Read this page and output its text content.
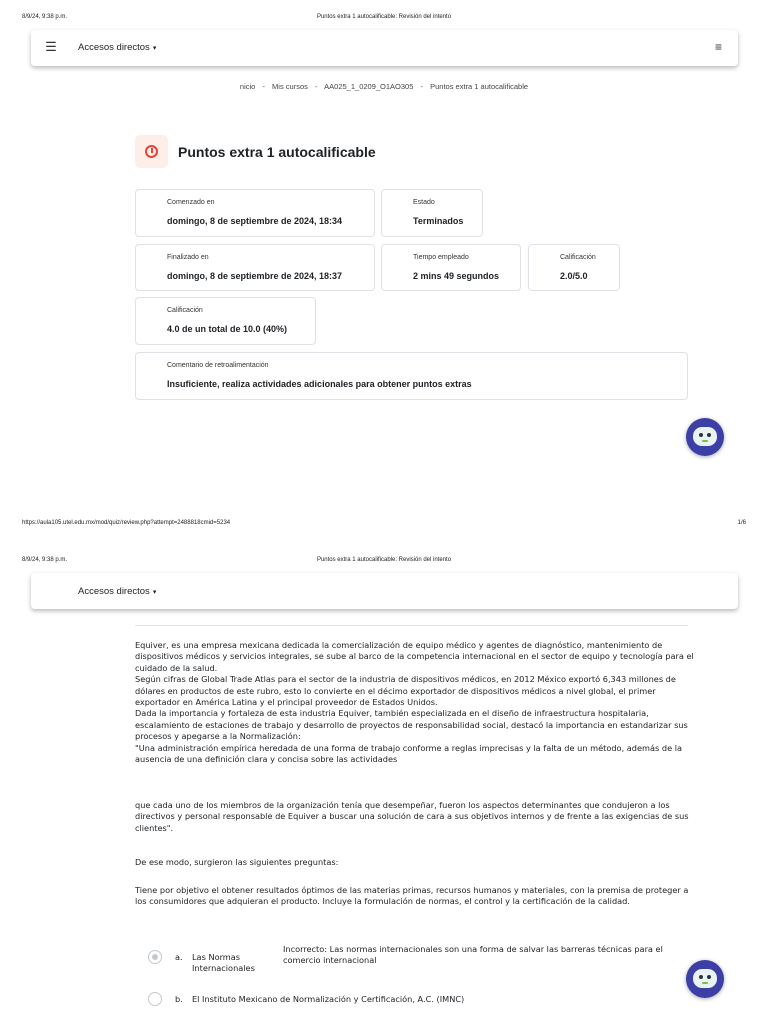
8/9/24, 9:38 p.m.	Puntos extra 1 autocalificable: Revisión del intento
☰ Accesos directos ▾	≡
nicio - Mis cursos - AA025_1_0209_O1AO305 - Puntos extra 1 autocalificable
Puntos extra 1 autocalificable
Comenzado en
domingo, 8 de septiembre de 2024, 18:34
Estado
Terminados
Finalizado en
domingo, 8 de septiembre de 2024, 18:37
Tiempo empleado
2 mins 49 segundos
Calificación
2.0/5.0
Calificación
4.0 de un total de 10.0 (40%)
Comentario de retroalimentación
Insuficiente, realiza actividades adicionales para obtener puntos extras
https://aula105.utel.edu.mx/mod/quiz/review.php?attempt=2488818cmid=5234	1/6
8/9/24, 9:38 p.m.	Puntos extra 1 autocalificable: Revisión del intento
Accesos directos ▾

Equiver, es una empresa mexicana dedicada la comercialización de equipo médico y agentes de diagnóstico, mantenimiento de dispositivos médicos y servicios integrales, se sube al barco de la competencia internacional en el sector de equipo y tecnología para el cuidado de la salud.

Según cifras de Global Trade Atlas para el sector de la industria de dispositivos médicos, en 2012 México exportó 6,343 millones de dólares en productos de este rubro, esto lo convierte en el décimo exportador de dispositivos médicos a nivel global, el primer exportador en América Latina y el principal proveedor de Estados Unidos.

Dada la importancia y fortaleza de esta industria Equiver, también especializada en el diseño de infraestructura hospitalaria, escalamiento de estaciones de trabajo y desarrollo de proyectos de responsabilidad social, destacó la importancia en estandarizar sus procesos y apegarse a la Normalización:

"Una administración empírica heredada de una forma de trabajo conforme a reglas imprecisas y la falta de un método, además de la ausencia de una definición clara y concisa sobre las actividades

que cada uno de los miembros de la organización tenía que desempeñar, fueron los aspectos determinantes que condujeron a los directivos y personal responsable de Equiver a buscar una solución de cara a sus objetivos internos y de frente a las exigencias de sus clientes".

De ese modo, surgieron las siguientes preguntas:

Tiene por objetivo el obtener resultados óptimos de las materias primas, recursos humanos y materiales, con la premisa de proteger a los consumidores que adquieran el producto. Incluye la formulación de normas, el control y la certificación de la calidad.

a. Las Normas
Internacionales
Incorrecto: Las normas internacionales son una forma de salvar las barreras técnicas para el comercio internacional
b. El Instituto Mexicano de Normalización y Certificación, A.C. (IMNC)
